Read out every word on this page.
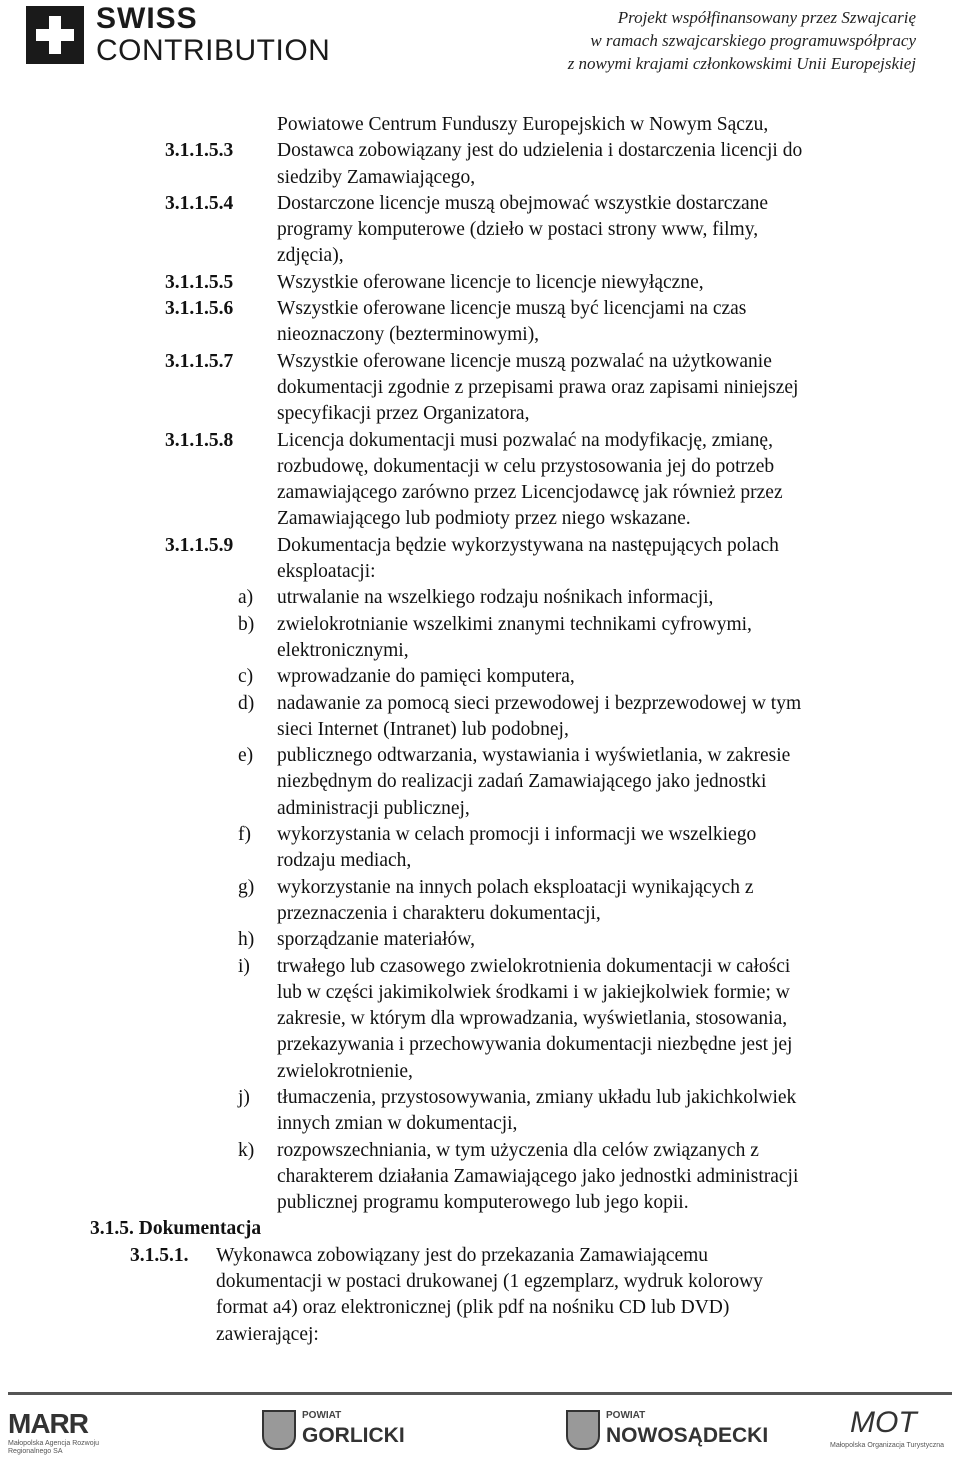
SWISS
CONTRIBUTION
Projekt współfinansowany przez Szwajcarię
w ramach szwajcarskiego programuwspółpracy
z nowymi krajami członkowskimi Unii Europejskiej
Powiatowe Centrum Funduszy Europejskich w Nowym Sączu,
3.1.1.5.3 Dostawca zobowiązany jest do udzielenia i dostarczenia licencji do
siedziby Zamawiającego,
3.1.1.5.4 Dostarczone licencje muszą obejmować wszystkie dostarczane
programy komputerowe (dzieło w postaci strony www, filmy,
zdjęcia),
3.1.1.5.5 Wszystkie oferowane licencje to licencje niewyłączne,
3.1.1.5.6 Wszystkie oferowane licencje muszą być licencjami na czas
nieoznaczony (bezterminowymi),
3.1.1.5.7 Wszystkie oferowane licencje muszą pozwalać na użytkowanie
dokumentacji zgodnie z przepisami prawa oraz zapisami niniejszej
specyfikacji przez Organizatora,
3.1.1.5.8 Licencja dokumentacji musi pozwalać na modyfikację, zmianę,
rozbudowę, dokumentacji w celu przystosowania jej do potrzeb
zamawiającego zarówno przez Licencjodawcę jak również przez
Zamawiającego lub podmioty przez niego wskazane.
3.1.1.5.9 Dokumentacja będzie wykorzystywana na następujących polach
eksploatacji:
a) utrwalanie na wszelkiego rodzaju nośnikach informacji,
b) zwielokrotnianie wszelkimi znanymi technikami cyfrowymi,
elektronicznymi,
c) wprowadzanie do pamięci komputera,
d) nadawanie za pomocą sieci przewodowej i bezprzewodowej w tym
sieci Internet (Intranet) lub podobnej,
e) publicznego odtwarzania, wystawiania i wyświetlania, w zakresie
niezbędnym do realizacji zadań Zamawiającego jako jednostki
administracji publicznej,
f) wykorzystania w celach promocji i informacji we wszelkiego
rodzaju mediach,
g) wykorzystanie na innych polach eksploatacji wynikających z
przeznaczenia i charakteru dokumentacji,
h) sporządzanie materiałów,
i) trwałego lub czasowego zwielokrotnienia dokumentacji w całości
lub w części jakimikolwiek środkami i w jakiejkolwiek formie; w
zakresie, w którym dla wprowadzania, wyświetlania, stosowania,
przekazywania i przechowywania dokumentacji niezbędne jest jej
zwielokrotnienie,
j) tłumaczenia, przystosowywania, zmiany układu lub jakichkolwiek
innych zmian w dokumentacji,
k) rozpowszechniania, w tym użyczenia dla celów związanych z
charakterem działania Zamawiającego jako jednostki administracji
publicznej programu komputerowego lub jego kopii.
3.1.5. Dokumentacja
3.1.5.1. Wykonawca zobowiązany jest do przekazania Zamawiającemu
dokumentacji w postaci drukowanej (1 egzemplarz, wydruk kolorowy
format a4) oraz elektronicznej (plik pdf na nośniku CD lub DVD)
zawierającej:
MARR
Małopolska Agencja Rozwoju Regionalnego SA
POWIAT
GORLICKI
POWIAT
NOWOSĄDECKI	MOT
Małopolska Organizacja Turystyczna
